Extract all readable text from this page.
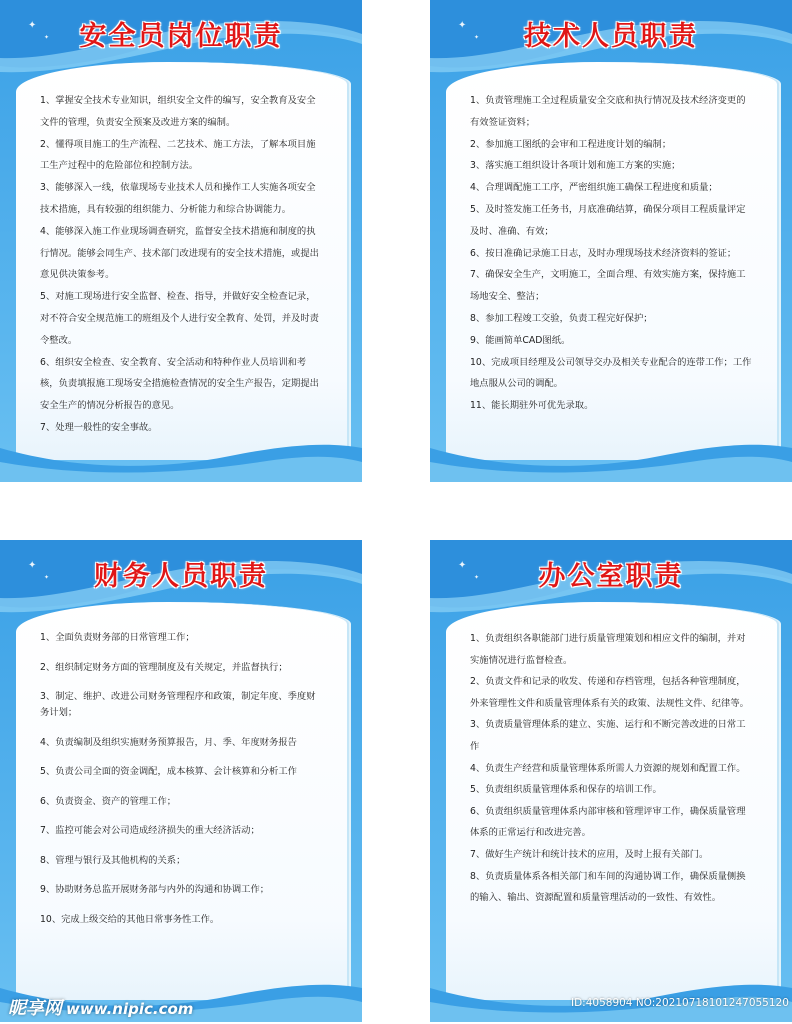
✦
✦	安全员岗位职责

1、掌握安全技术专业知识，组织安全文件的编写，安全教育及安全文件的管理，负责安全预案及改进方案的编制。

2、懂得项目施工的生产流程、二艺技术、施工方法，了解本项目施工生产过程中的危险部位和控制方法。

3、能够深入一线，依靠现场专业技术人员和操作工人实施各项安全技术措施，具有较强的组织能力、分析能力和综合协调能力。

4、能够深入施工作业现场调查研究，监督安全技术措施和制度的执行情况。能够会同生产、技术部门改进现有的安全技术措施，或提出意见供决策参考。

5、对施工现场进行安全监督、检查、指导，并做好安全检查记录，对不符合安全规范施工的班组及个人进行安全教育、处罚，并及时责令整改。

6、组织安全检查、安全教育、安全活动和特种作业人员培训和考核，负责填报施工现场安全措施检查情况的安全生产报告，定期提出安全生产的情况分析报告的意见。

7、处理一般性的安全事故。

✦
✦	技术人员职责

1、负责管理施工全过程质量安全交底和执行情况及技术经济变更的有效签证资料；

2、参加施工图纸的会审和工程进度计划的编制；

3、落实施工组织设计各项计划和施工方案的实施；

4、合理调配施工工序，严密组织施工确保工程进度和质量；

5、及时签发施工任务书，月底准确结算，确保分项目工程质量评定及时、准确、有效；

6、按日准确记录施工日志，及时办理现场技术经济资料的签证；

7、确保安全生产，文明施工，全面合理、有效实施方案，保持施工场地安全、整洁；

8、参加工程竣工交验，负责工程完好保护；

9、能画简单CAD图纸。

10、完成项目经理及公司领导交办及相关专业配合的连带工作；工作地点服从公司的调配。

11、能长期驻外可优先录取。

✦
✦	财务人员职责

1、全面负责财务部的日常管理工作；

2、组织制定财务方面的管理制度及有关规定，并监督执行；

3、制定、维护、改进公司财务管理程序和政策，制定年度、季度财务计划；

4、负责编制及组织实施财务预算报告，月、季、年度财务报告

5、负责公司全面的资金调配，成本核算、会计核算和分析工作

6、负责资金、资产的管理工作；

7、监控可能会对公司造成经济损失的重大经济活动；

8、管理与银行及其他机构的关系；

9、协助财务总监开展财务部与内外的沟通和协调工作；

10、完成上级交给的其他日常事务性工作。

✦
✦	办公室职责

1、负责组织各职能部门进行质量管理策划和相应文件的编制，并对实施情况进行监督检查。

2、负责文件和记录的收发、传递和存档管理，包括各种管理制度，外来管理性文件和质量管理体系有关的政策、法规性文件、纪律等。

3、负责质量管理体系的建立、实施、运行和不断完善改进的日常工作

4、负责生产经营和质量管理体系所需人力资源的规划和配置工作。

5、负责组织质量管理体系和保存的培训工作。

6、负责组织质量管理体系内部审核和管理评审工作，确保质量管理体系的正常运行和改进完善。

7、做好生产统计和统计技术的应用，及时上报有关部门。

8、负责质量体系各相关部门和车间的沟通协调工作，确保质量侧换的输入、输出、资源配置和质量管理活动的一致性、有效性。

昵享网 www.nipic.com	ID:4058904 NO:20210718101247055120
